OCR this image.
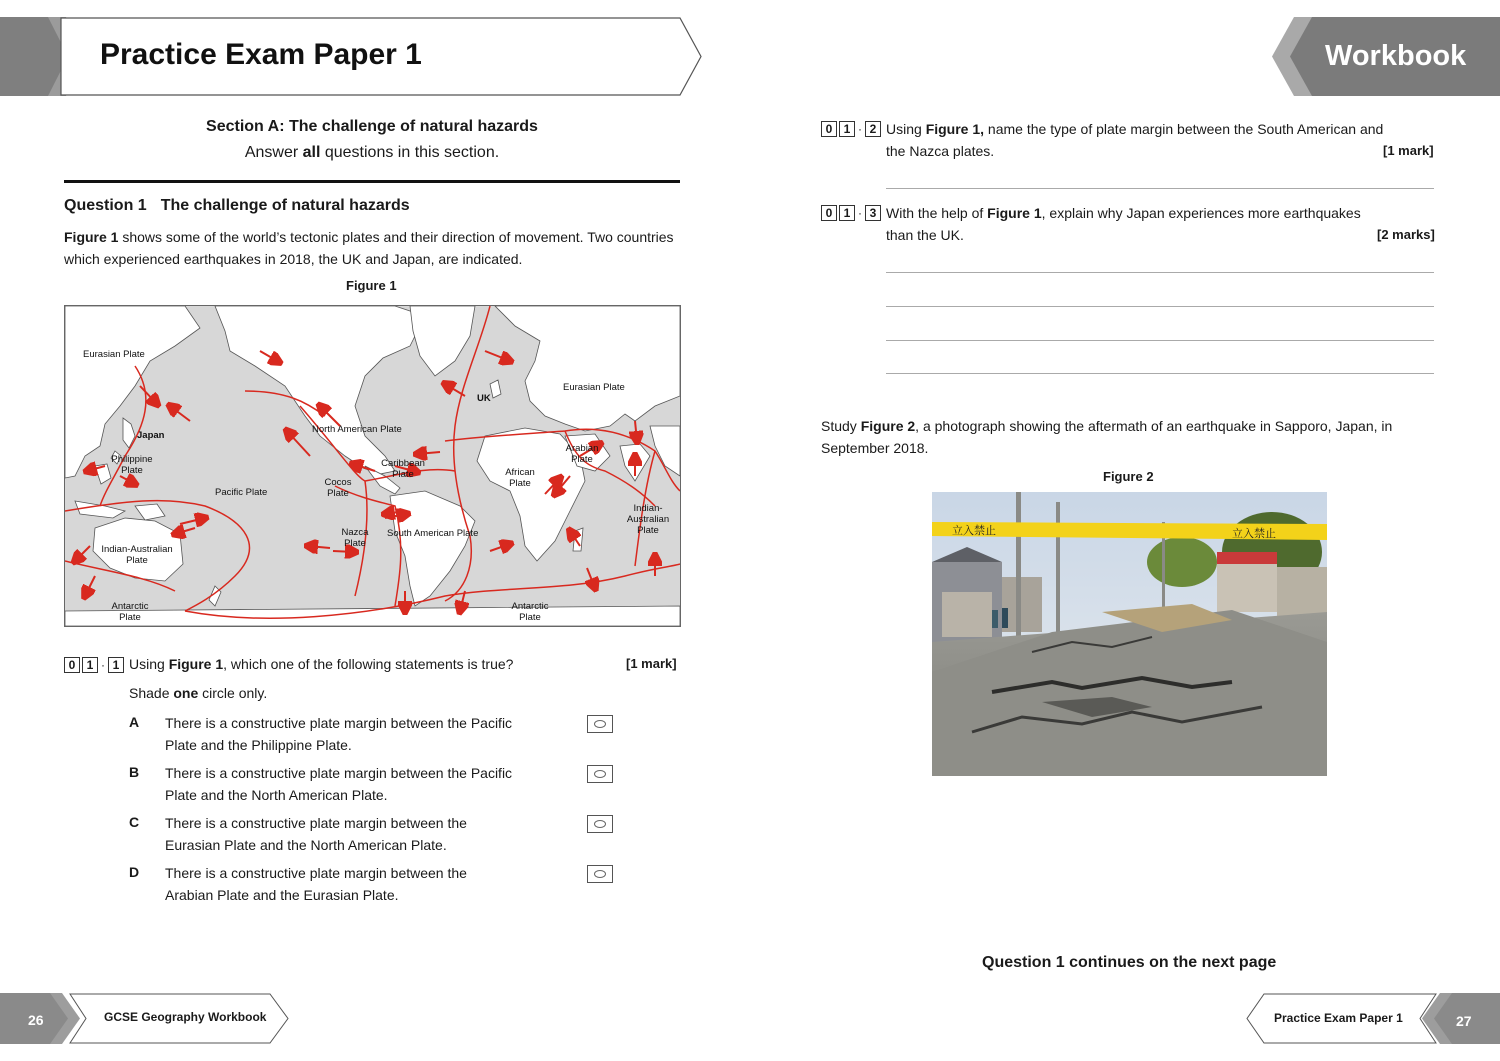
Practice Exam Paper 1	Workbook
Section A: The challenge of natural hazards
Answer all questions in this section.
Question 1 The challenge of natural hazards
Figure 1 shows some of the world’s tectonic plates and their direction of movement. Two countries which experienced earthquakes in 2018, the UK and Japan, are indicated.
Figure 1
Eurasian Plate
Eurasian Plate
UK
Japan
North American Plate
Philippine Plate
Pacific Plate
Caribbean Plate
Cocos Plate
Arabian Plate
African Plate
Indian-Australian Plate
Nazca Plate
South American Plate
Indian-Australian Plate
Antarctic Plate
Antarctic Plate
0 1 · 1 Using Figure 1, which one of the following statements is true?	[1 mark]
Shade one circle only.
A There is a constructive plate margin between the Pacific Plate and the Philippine Plate.
B There is a constructive plate margin between the Pacific Plate and the North American Plate.
C There is a constructive plate margin between the Eurasian Plate and the North American Plate.
D There is a constructive plate margin between the Arabian Plate and the Eurasian Plate.
0 1 · 2 Using Figure 1, name the type of plate margin between the South American and the Nazca plates.	[1 mark]
0 1 · 3 With the help of Figure 1, explain why Japan experiences more earthquakes than the UK.	[2 marks]
Study Figure 2, a photograph showing the aftermath of an earthquake in Sapporo, Japan, in September 2018.
Figure 2
立入禁止	立入禁止
Question 1 continues on the next page
26	GCSE Geography Workbook	Practice Exam Paper 1	27
